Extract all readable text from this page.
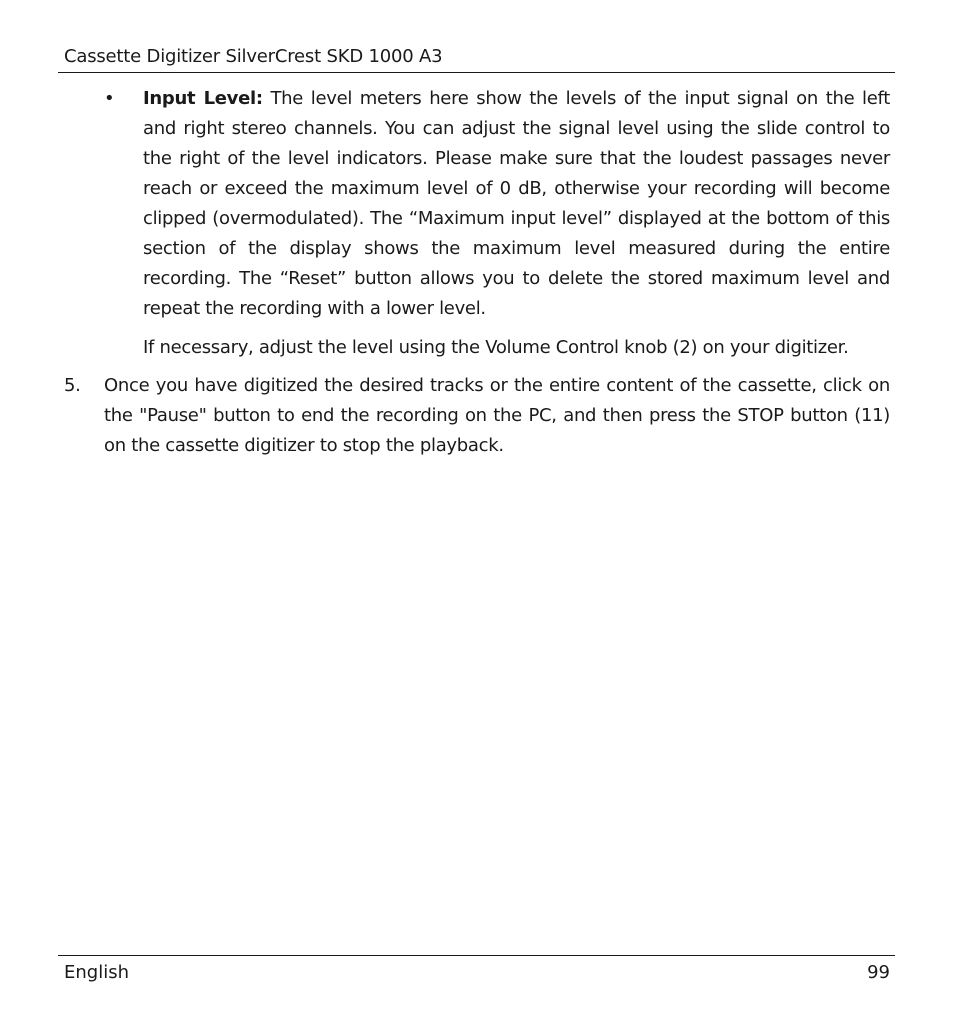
Cassette Digitizer SilverCrest SKD 1000 A3
• Input Level: The level meters here show the levels of the input signal on the left and right stereo channels. You can adjust the signal level using the slide control to the right of the level indicators. Please make sure that the loudest passages never reach or exceed the maximum level of 0 dB, otherwise your recording will become clipped (overmodulated). The “Maximum input level” displayed at the bottom of this section of the display shows the maximum level measured during the entire recording. The “Reset” button allows you to delete the stored maximum level and repeat the recording with a lower level.
If necessary, adjust the level using the Volume Control knob (2) on your digitizer.
5. Once you have digitized the desired tracks or the entire content of the cassette, click on the "Pause" button to end the recording on the PC, and then press the STOP button (11) on the cassette digitizer to stop the playback.
English	99
